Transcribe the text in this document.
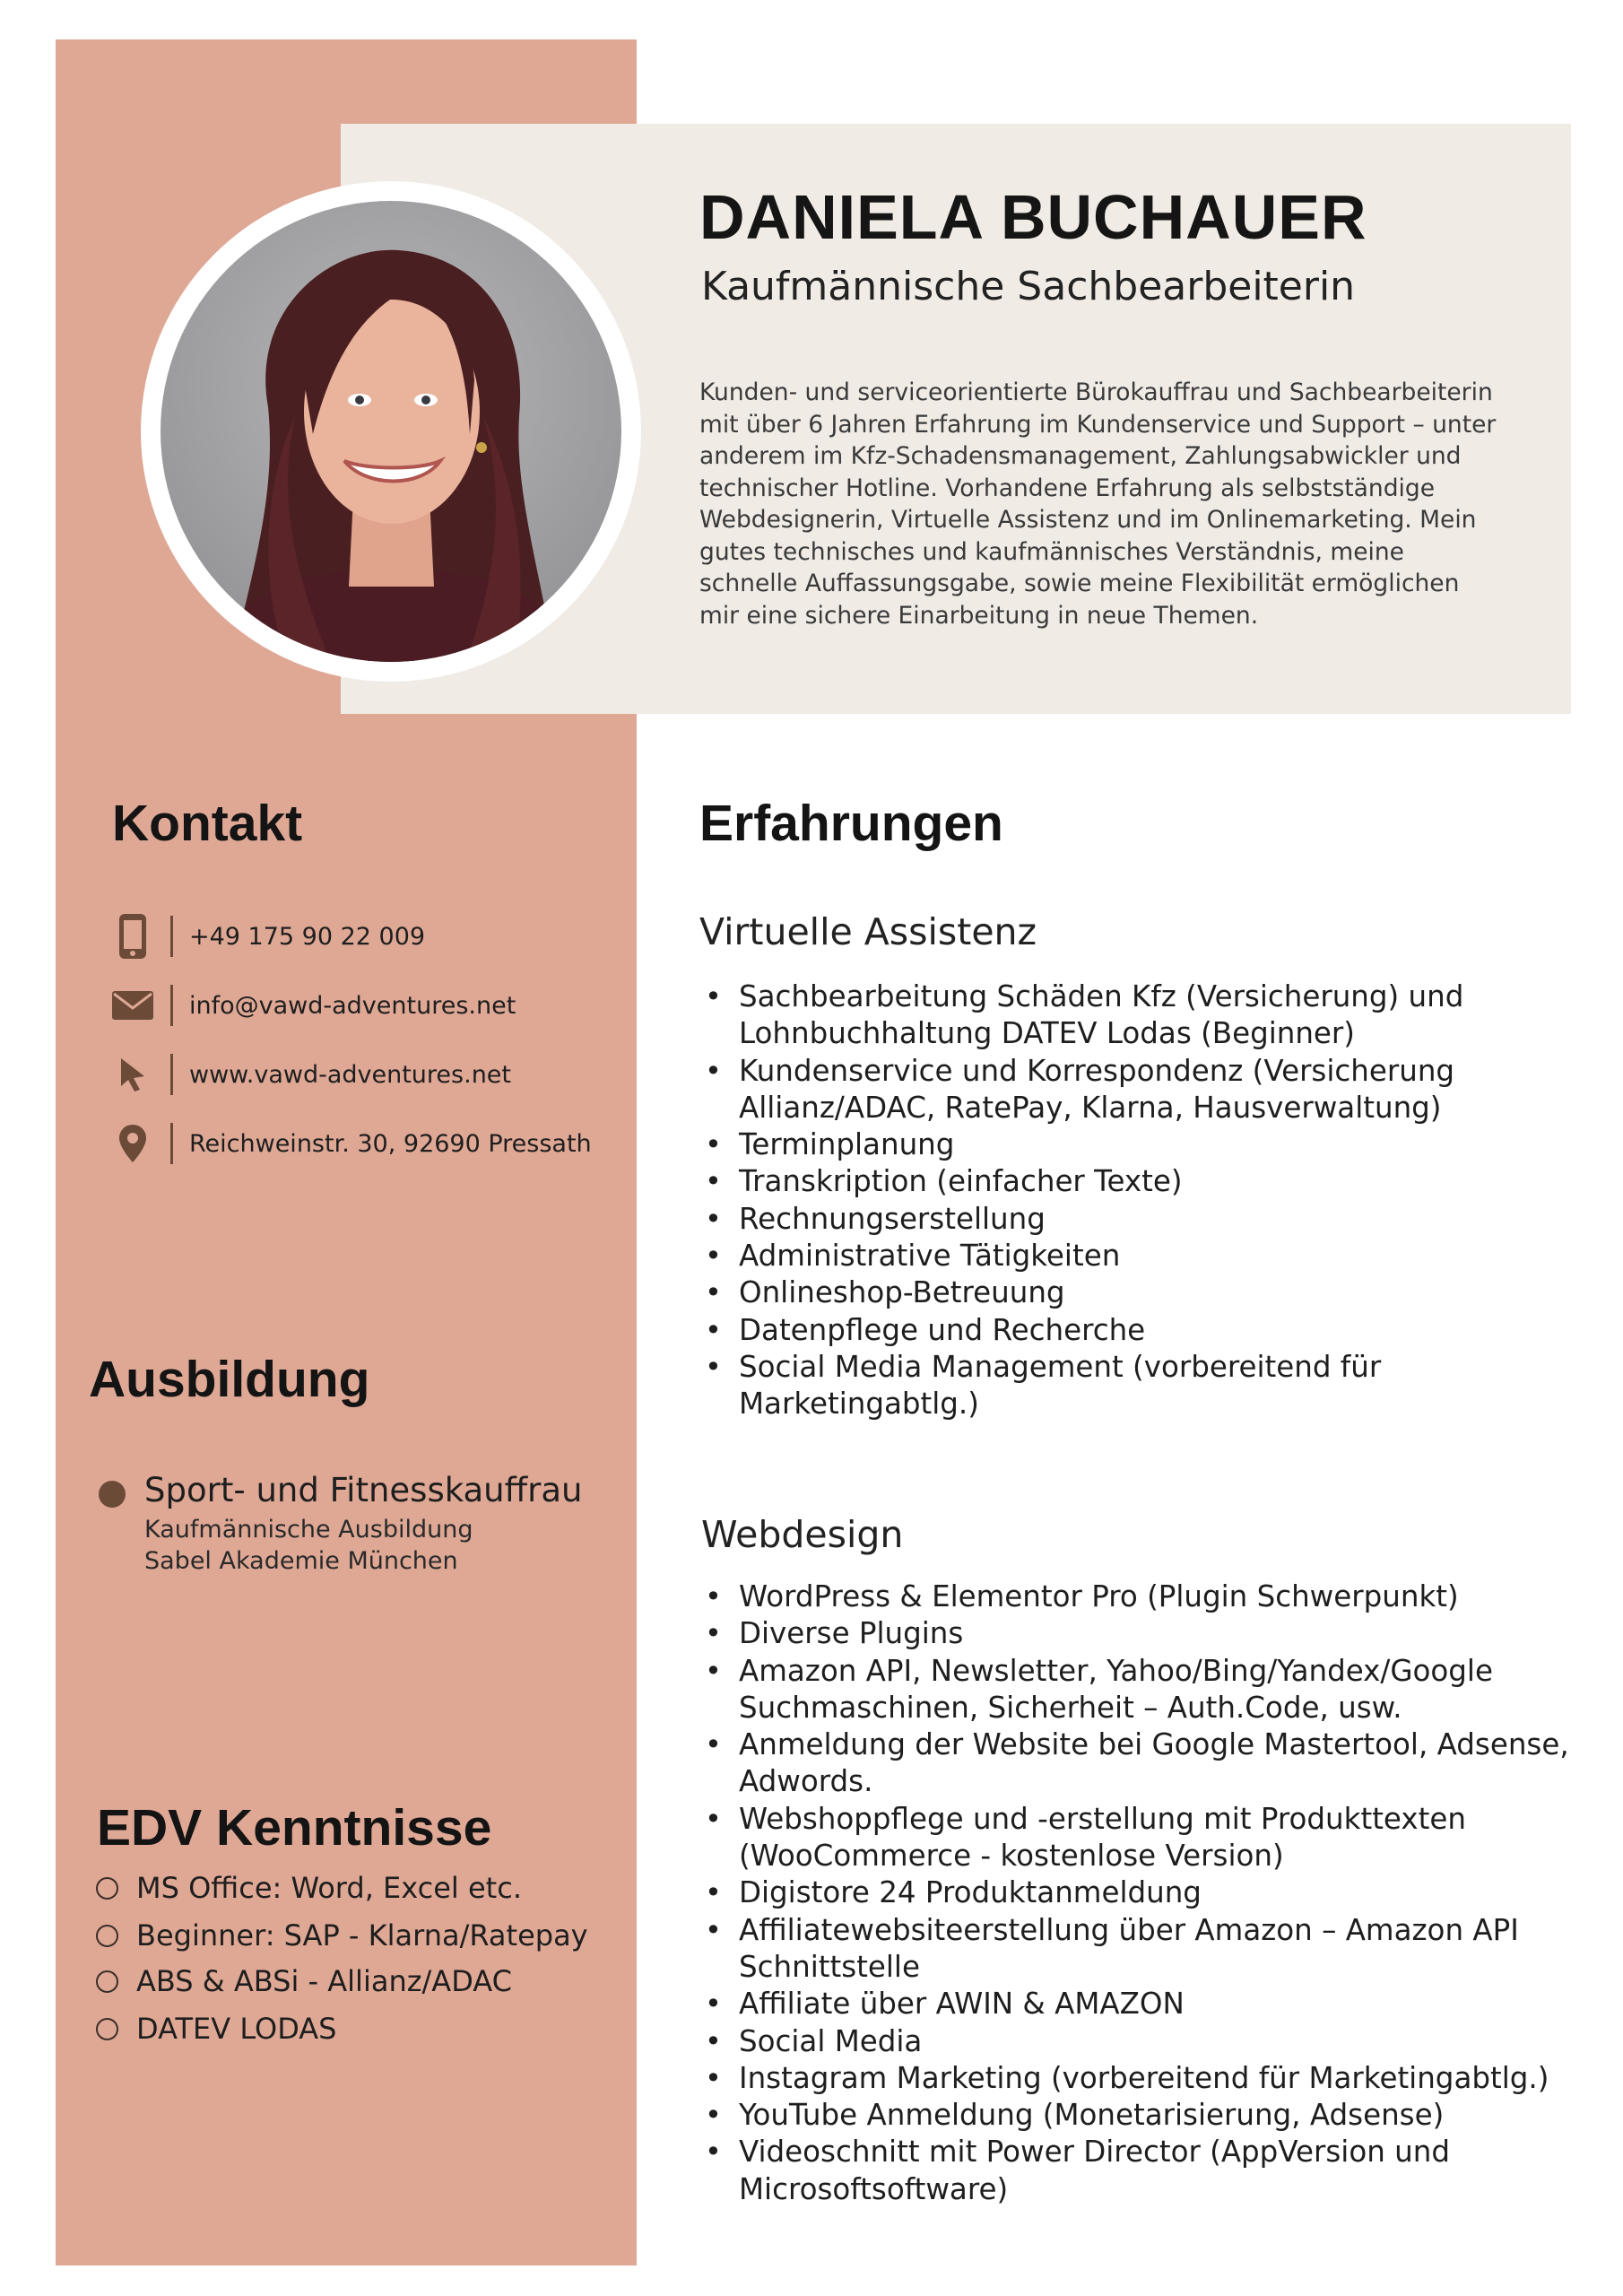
DANIELA BUCHAUER
Kaufmännische Sachbearbeiterin
Kunden- und serviceorientierte Bürokauffrau und Sachbearbeiterin
mit über 6 Jahren Erfahrung im Kundenservice und Support – unter
anderem im Kfz-Schadensmanagement, Zahlungsabwickler und
technischer Hotline. Vorhandene Erfahrung als selbstständige
Webdesignerin, Virtuelle Assistenz und im Onlinemarketing. Mein
gutes technisches und kaufmännisches Verständnis, meine
schnelle Auffassungsgabe, sowie meine Flexibilität ermöglichen
mir eine sichere Einarbeitung in neue Themen.
Kontakt
+49 175 90 22 009
info@vawd-adventures.net
www.vawd-adventures.net
Reichweinstr. 30, 92690 Pressath
Ausbildung
Sport- und Fitnesskauffrau
Kaufmännische Ausbildung
Sabel Akademie München
EDV Kenntnisse
MS Office: Word, Excel etc.
Beginner: SAP - Klarna/Ratepay
ABS & ABSi - Allianz/ADAC
DATEV LODAS
Erfahrungen
Virtuelle Assistenz
• Sachbearbeitung Schäden Kfz (Versicherung) und
Lohnbuchhaltung DATEV Lodas (Beginner)
• Kundenservice und Korrespondenz (Versicherung
Allianz/ADAC, RatePay, Klarna, Hausverwaltung)
• Terminplanung
• Transkription (einfacher Texte)
• Rechnungserstellung
• Administrative Tätigkeiten
• Onlineshop-Betreuung
• Datenpflege und Recherche
• Social Media Management (vorbereitend für
Marketingabtlg.)
Webdesign
• WordPress & Elementor Pro (Plugin Schwerpunkt)
• Diverse Plugins
• Amazon API, Newsletter, Yahoo/Bing/Yandex/Google
Suchmaschinen, Sicherheit – Auth.Code, usw.
• Anmeldung der Website bei Google Mastertool, Adsense,
Adwords.
• Webshoppflege und -erstellung mit Produkttexten
(WooCommerce - kostenlose Version)
• Digistore 24 Produktanmeldung
• Affiliatewebsiteerstellung über Amazon – Amazon API
Schnittstelle
• Affiliate über AWIN & AMAZON
• Social Media
• Instagram Marketing (vorbereitend für Marketingabtlg.)
• YouTube Anmeldung (Monetarisierung, Adsense)
• Videoschnitt mit Power Director (AppVersion und
Microsoftsoftware)
